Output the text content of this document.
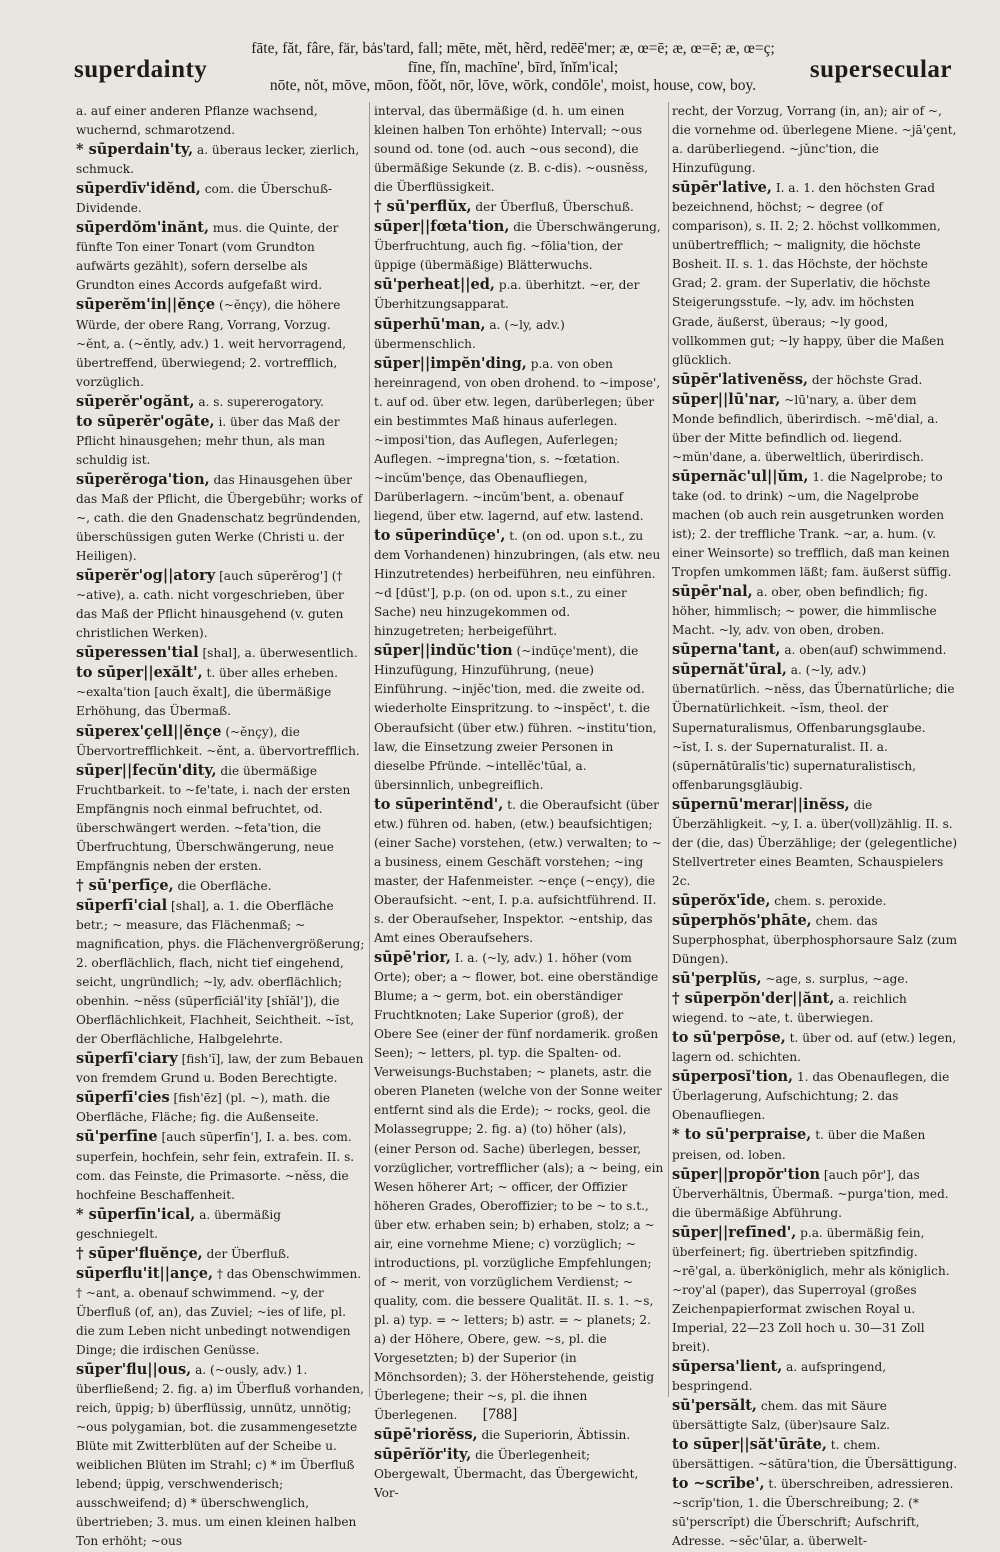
superdainty
fāte, făt, fâre, fär, bȧs'tard, fall; mēte, mĕt, hẽrd, redēē'mer; æ, œ=ē; æ, œ=ē; æ, œ=ç;
fīne, fĭn, machīne', bīrd, ĭnĭm'ical;
nōte, nŏt, mōve, mōon, fŏŏt, nōr, lōve, wōrk, condōle', moist, house, cow, boy.
supersecular

a. auf einer anderen Pflanze wachsend, wuchernd, schmarotzend.

* sūperdain'ty, a. überaus lecker, zierlich, schmuck.

sūperdīv'idĕnd, com. die Überschuß-Dividende.

sūperdŏm'inănt, mus. die Quinte, der fünfte Ton einer Tonart (vom Grundton aufwärts gezählt), sofern derselbe als Grundton eines Accords aufgefaßt wird.

sūperĕm'in||ĕnçe (~ĕnçy), die höhere Würde, der obere Rang, Vorrang, Vorzug. ~ĕnt, a. (~ĕntly, adv.) 1. weit hervorragend, übertreffend, überwiegend; 2. vortrefflich, vorzüglich.

sūperĕr'ogănt, a. s. supererogatory.

to sūperĕr'ogāte, i. über das Maß der Pflicht hinausgehen; mehr thun, als man schuldig ist.

sūperĕroga'tion, das Hinausgehen über das Maß der Pflicht, die Übergebühr; works of ~, cath. die den Gnadenschatz begründenden, überschüssigen guten Werke (Christi u. der Heiligen).

sūperĕr'og||atory [auch sūperĕrog'] († ~ative), a. cath. nicht vorgeschrieben, über das Maß der Pflicht hinausgehend (v. guten christlichen Werken).

sūperessen'tial [shal], a. überwesentlich.

to sūper||exălt', t. über alles erheben. ~exalta'tion [auch ĕxalt], die übermäßige Erhöhung, das Übermaß.

sūperex'çell||ĕnçe (~ĕnçy), die Übervortrefflichkeit. ~ĕnt, a. übervortrefflich.

sūper||fecŭn'dity, die übermäßige Fruchtbarkeit. to ~fe'tate, i. nach der ersten Empfängnis noch einmal befruchtet, od. überschwängert werden. ~feta'tion, die Überfruchtung, Überschwängerung, neue Empfängnis neben der ersten.

† sū'perfīçe, die Oberfläche.

sūperfī'cial [shal], a. 1. die Oberfläche betr.; ~ measure, das Flächenmaß; ~ magnification, phys. die Flächenvergrößerung; 2. oberflächlich, flach, nicht tief eingehend, seicht, ungründlich; ~ly, adv. oberflächlich; obenhin. ~nĕss (sūperfīciăl'ity [shĭăl']), die Oberflächlichkeit, Flachheit, Seichtheit. ~ĭst, der Oberflächliche, Halbgelehrte.

sūperfī'ciary [fish'ĭ], law, der zum Bebauen von fremdem Grund u. Boden Berechtigte.

sūperfī'cies [fish'ēz] (pl. ~), math. die Oberfläche, Fläche; fig. die Außenseite.

sū'perfīne [auch sūperfīn'], I. a. bes. com. superfein, hochfein, sehr fein, extrafein. II. s. com. das Feinste, die Primasorte. ~nĕss, die hochfeine Beschaffenheit.

* sūperfīn'ical, a. übermäßig geschniegelt.

† sūper'fluĕnçe, der Überfluß.

sūperflu'it||ançe, † das Obenschwimmen. † ~ant, a. obenauf schwimmend. ~y, der Überfluß (of, an), das Zuviel; ~ies of life, pl. die zum Leben nicht unbedingt notwendigen Dinge; die irdischen Genüsse.

sūper'flu||ous, a. (~ously, adv.) 1. überfließend; 2. fig. a) im Überfluß vorhanden, reich, üppig; b) überflüssig, unnütz, unnötig; ~ous polygamian, bot. die zusammengesetzte Blüte mit Zwitterblüten auf der Scheibe u. weiblichen Blüten im Strahl; c) * im Überfluß lebend; üppig, verschwenderisch; ausschweifend; d) * überschwenglich, übertrieben; 3. mus. um einen kleinen halben Ton erhöht; ~ous

interval, das übermäßige (d. h. um einen kleinen halben Ton erhöhte) Intervall; ~ous sound od. tone (od. auch ~ous second), die übermäßige Sekunde (z. B. c-dis). ~ousnĕss, die Überflüssigkeit.

† sū'perflŭx, der Überfluß, Überschuß.

sūper||fœta'tion, die Überschwängerung, Überfruchtung, auch fig. ~fōlia'tion, der üppige (übermäßige) Blätterwuchs.

sū'perheat||ed, p.a. überhitzt. ~er, der Überhitzungsapparat.

sūperhū'man, a. (~ly, adv.) übermenschlich.

sūper||impĕn'ding, p.a. von oben hereinragend, von oben drohend. to ~impose', t. auf od. über etw. legen, darüberlegen; über ein bestimmtes Maß hinaus auferlegen. ~imposi'tion, das Auflegen, Auferlegen; Auflegen. ~impregna'tion, s. ~fœtation. ~incŭm'bençe, das Obenaufliegen, Darüberlagern. ~incŭm'bent, a. obenauf liegend, über etw. lagernd, auf etw. lastend.

to sūperindūçe', t. (on od. upon s.t., zu dem Vorhandenen) hinzubringen, (als etw. neu Hinzutretendes) herbeiführen, neu einführen. ~d [dūst'], p.p. (on od. upon s.t., zu einer Sache) neu hinzugekommen od. hinzugetreten; herbeigeführt.

sūper||indŭc'tion (~indūçe'ment), die Hinzufügung, Hinzuführung, (neue) Einführung. ~injĕc'tion, med. die zweite od. wiederholte Einspritzung. to ~inspĕct', t. die Oberaufsicht (über etw.) führen. ~institu'tion, law, die Einsetzung zweier Personen in dieselbe Pfründe. ~intellĕc'tūal, a. übersinnlich, unbegreiflich.

to sūperintĕnd', t. die Oberaufsicht (über etw.) führen od. haben, (etw.) beaufsichtigen; (einer Sache) vorstehen, (etw.) verwalten; to ~ a business, einem Geschäft vorstehen; ~ing master, der Hafenmeister. ~ençe (~ençy), die Oberaufsicht. ~ent, I. p.a. aufsichtführend. II. s. der Oberaufseher, Inspektor. ~entship, das Amt eines Oberaufsehers.

sūpē'rior, I. a. (~ly, adv.) 1. höher (vom Orte); ober; a ~ flower, bot. eine oberständige Blume; a ~ germ, bot. ein oberständiger Fruchtknoten; Lake Superior (groß), der Obere See (einer der fünf nordamerik. großen Seen); ~ letters, pl. typ. die Spalten- od. Verweisungs-Buchstaben; ~ planets, astr. die oberen Planeten (welche von der Sonne weiter entfernt sind als die Erde); ~ rocks, geol. die Molassegruppe; 2. fig. a) (to) höher (als), (einer Person od. Sache) überlegen, besser, vorzüglicher, vortrefflicher (als); a ~ being, ein Wesen höherer Art; ~ officer, der Offizier höheren Grades, Oberoffizier; to be ~ to s.t., über etw. erhaben sein; b) erhaben, stolz; a ~ air, eine vornehme Miene; c) vorzüglich; ~ introductions, pl. vorzügliche Empfehlungen; of ~ merit, von vorzüglichem Verdienst; ~ quality, com. die bessere Qualität. II. s. 1. ~s, pl. a) typ. = ~ letters; b) astr. = ~ planets; 2. a) der Höhere, Obere, gew. ~s, pl. die Vorgesetzten; b) der Superior (in Mönchsorden); 3. der Höherstehende, geistig Überlegene; their ~s, pl. die ihnen Überlegenen.

sūpē'riorĕss, die Superiorin, Äbtissin.

sūpērĭŏr'ity, die Überlegenheit; Obergewalt, Übermacht, das Übergewicht, Vor-

recht, der Vorzug, Vorrang (in, an); air of ~, die vornehme od. überlegene Miene. ~jā'çent, a. darüberliegend. ~jŭnc'tion, die Hinzufügung.

sūpēr'lative, I. a. 1. den höchsten Grad bezeichnend, höchst; ~ degree (of comparison), s. II. 2; 2. höchst vollkommen, unübertrefflich; ~ malignity, die höchste Bosheit. II. s. 1. das Höchste, der höchste Grad; 2. gram. der Superlativ, die höchste Steigerungsstufe. ~ly, adv. im höchsten Grade, äußerst, überaus; ~ly good, vollkommen gut; ~ly happy, über die Maßen glücklich.

sūpēr'lativenĕss, der höchste Grad.

sūper||lū'nar, ~lū'nary, a. über dem Monde befindlich, überirdisch. ~mē'dial, a. über der Mitte befindlich od. liegend. ~mŭn'dane, a. überweltlich, überirdisch.

sūpernăc'ul||ŭm, 1. die Nagelprobe; to take (od. to drink) ~um, die Nagelprobe machen (ob auch rein ausgetrunken worden ist); 2. der treffliche Trank. ~ar, a. hum. (v. einer Weinsorte) so trefflich, daß man keinen Tropfen umkommen läßt; fam. äußerst süffig.

sūpēr'nal, a. ober, oben befindlich; fig. höher, himmlisch; ~ power, die himmlische Macht. ~ly, adv. von oben, droben.

sūperna'tant, a. oben(auf) schwimmend.

sūpernăt'ūral, a. (~ly, adv.) übernatürlich. ~nĕss, das Übernatürliche; die Übernatürlichkeit. ~ĭsm, theol. der Supernaturalismus, Offenbarungsglaube. ~ĭst, I. s. der Supernaturalist. II. a. (sūpernătūralĭs'tic) supernaturalistisch, offenbarungsgläubig.

sūpernū'merar||inĕss, die Überzähligkeit. ~y, I. a. über(voll)zählig. II. s. der (die, das) Überzählige; der (gelegentliche) Stellvertreter eines Beamten, Schauspielers 2c.

sūperŏx'īde, chem. s. peroxide.

sūperphŏs'phāte, chem. das Superphosphat, überphosphorsaure Salz (zum Düngen).

sū'perplŭs, ~age, s. surplus, ~age.

† sūperpŏn'der||ănt, a. reichlich wiegend. to ~ate, t. überwiegen.

to sū'perpōse, t. über od. auf (etw.) legen, lagern od. schichten.

sūperposĭ'tion, 1. das Obenauflegen, die Überlagerung, Aufschichtung; 2. das Obenaufliegen.

* to sū'perpraise, t. über die Maßen preisen, od. loben.

sūper||propŏr'tion [auch pōr'], das Überverhältnis, Übermaß. ~purga'tion, med. die übermäßige Abführung.

sūper||refīned', p.a. übermäßig fein, überfeinert; fig. übertrieben spitzfindig. ~rē'gal, a. überköniglich, mehr als königlich. ~roy'al (paper), das Superroyal (großes Zeichenpapierformat zwischen Royal u. Imperial, 22—23 Zoll hoch u. 30—31 Zoll breit).

sūpersa'lient, a. aufspringend, bespringend.

sū'persălt, chem. das mit Säure übersättigte Salz, (über)saure Salz.

to sūper||săt'ūrāte, t. chem. übersättigen. ~sătūra'tion, die Übersättigung.

to ~scrībe', t. überschreiben, adressieren. ~scrĭp'tion, 1. die Überschreibung; 2. (* sū'perscrĭpt) die Überschrift; Aufschrift, Adresse. ~sĕc'ūlar, a. überwelt-

[788]
